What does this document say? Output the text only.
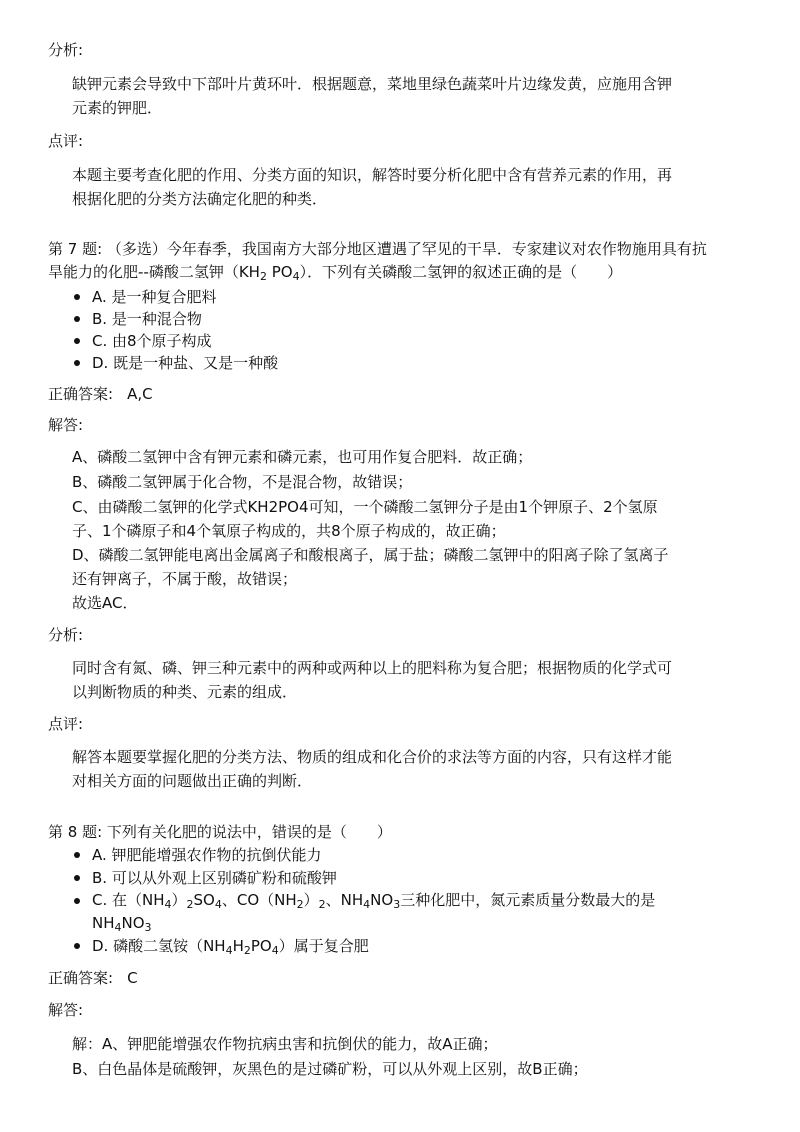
分析:
缺钾元素会导致中下部叶片黄环叶．根据题意，菜地里绿色蔬菜叶片边缘发黄，应施用含钾
元素的钾肥．
点评:
本题主要考查化肥的作用、分类方面的知识，解答时要分析化肥中含有营养元素的作用，再
根据化肥的分类方法确定化肥的种类．
第 7 题: （多选）今年春季，我国南方大部分地区遭遇了罕见的干旱．专家建议对农作物施用具有抗
旱能力的化肥--磷酸二氢钾（$KH_2$ $PO_4$）．下列有关磷酸二氢钾的叙述正确的是（　　）
A. 是一种复合肥料
B. 是一种混合物
C. 由8个原子构成
D. 既是一种盐、又是一种酸
正确答案: A,C
解答:
A、磷酸二氢钾中含有钾元素和磷元素，也可用作复合肥料．故正确；
B、磷酸二氢钾属于化合物，不是混合物，故错误；
C、由磷酸二氢钾的化学式KH2PO4可知，一个磷酸二氢钾分子是由1个钾原子、2个氢原
子、1个磷原子和4个氧原子构成的，共8个原子构成的，故正确；
D、磷酸二氢钾能电离出金属离子和酸根离子，属于盐；磷酸二氢钾中的阳离子除了氢离子
还有钾离子，不属于酸，故错误；
故选AC．
分析:
同时含有氮、磷、钾三种元素中的两种或两种以上的肥料称为复合肥；根据物质的化学式可
以判断物质的种类、元素的组成．
点评:
解答本题要掌握化肥的分类方法、物质的组成和化合价的求法等方面的内容，只有这样才能
对相关方面的问题做出正确的判断．
第 8 题: 下列有关化肥的说法中，错误的是（　　）
A. 钾肥能增强农作物的抗倒伏能力
B. 可以从外观上区别磷矿粉和硫酸钾
C. 在$(NH_4)_2SO_4$、$CO(NH_2)_2$、$NH_4NO_3$三种化肥中，氮元素质量分数最大的是
$NH_4NO_3$
D. 磷酸二氢铵$(NH_4H_2PO_4)$属于复合肥
正确答案: C
解答:
解：A、钾肥能增强农作物抗病虫害和抗倒伏的能力，故A正确；
B、白色晶体是硫酸钾，灰黑色的是过磷矿粉，可以从外观上区别，故B正确；
